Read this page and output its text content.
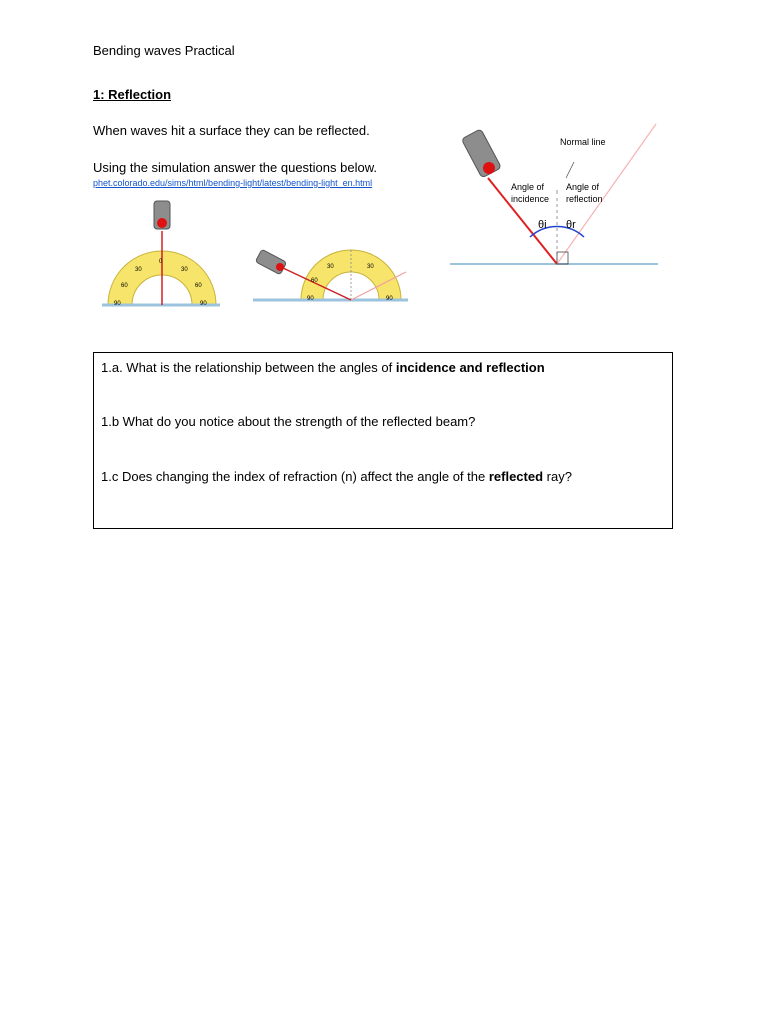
Bending waves Practical
1: Reflection
When waves hit a surface they can be reflected.
Using the simulation answer the questions below.
phet.colorado.edu/sims/html/bending-light/latest/bending-light_en.html
0
30	30
60	60
90	90
30	30
60
90	90
Normal line
Angle of
incidence
Angle of
reflection
θi θr
1.a. What is the relationship between the angles of incidence and reflection
1.b What do you notice about the strength of the reflected beam?
1.c Does changing the index of refraction (n) affect the angle of the reflected ray?
